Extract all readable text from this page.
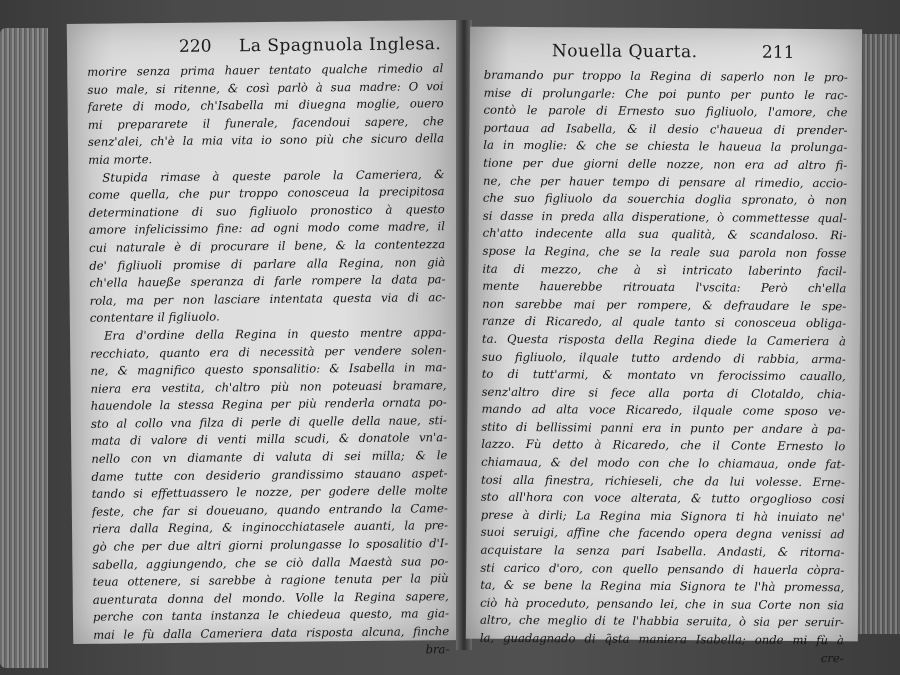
220 La Spagnuola Inglesa.
morire senza prima hauer tentato qualche rimedio al
suo male, si ritenne, & così parlò à sua madre: O voi
farete di modo, ch'Isabella mi diuegna moglie, ouero
mi prepararete il funerale, facendoui sapere, che
senz'alei, ch'è la mia vita io sono più che sicuro della
mia morte.
Stupida rimase à queste parole la Cameriera, &
come quella, che pur troppo conosceua la precipitosa
determinatione di suo figliuolo pronostico à questo
amore infelicissimo fine: ad ogni modo come madre, il
cui naturale è di procurare il bene, & la contentezza
de' figliuoli promise di parlare alla Regina, non già
ch'ella haueße speranza di farle rompere la data pa-
rola, ma per non lasciare intentata questa via di ac-
contentare il figliuolo.
Era d'ordine della Regina in questo mentre appa-
recchiato, quanto era di necessità per vendere solen-
ne, & magnifico questo sponsalitio: & Isabella in ma-
niera era vestita, ch'altro più non poteuasi bramare,
hauendole la stessa Regina per più renderla ornata po-
sto al collo vna filza di perle di quelle della naue, sti-
mata di valore di venti milla scudi, & donatole vn'a-
nello con vn diamante di valuta di sei milla; & le
dame tutte con desiderio grandissimo stauano aspet-
tando si effettuassero le nozze, per godere delle molte
feste, che far si doueuano, quando entrando la Came-
riera dalla Regina, & inginocchiatasele auanti, la pre-
gò che per due altri giorni prolungasse lo sposalitio d'I-
sabella, aggiungendo, che se ciò dalla Maestà sua po-
teua ottenere, si sarebbe à ragione tenuta per la più
auenturata donna del mondo. Volle la Regina sapere,
perche con tanta instanza le chiedeua questo, ma gia-
mai le fù dalla Cameriera data risposta alcuna, finche
bra-
Nouella Quarta.	211
bramando pur troppo la Regina di saperlo non le pro-
mise di prolungarle: Che poi punto per punto le rac-
contò le parole di Ernesto suo figliuolo, l'amore, che
portaua ad Isabella, & il desio c'haueua di prender-
la in moglie: & che se chiesta le haueua la prolunga-
tione per due giorni delle nozze, non era ad altro fi-
ne, che per hauer tempo di pensare al rimedio, accio-
che suo figliuolo da souerchia doglia spronato, ò non
si dasse in preda alla disperatione, ò commettesse qual-
ch'atto indecente alla sua qualità, & scandaloso. Ri-
spose la Regina, che se la reale sua parola non fosse
ita di mezzo, che à sì intricato laberinto facil-
mente hauerebbe ritrouata l'vscita: Però ch'ella
non sarebbe mai per rompere, & defraudare le spe-
ranze di Ricaredo, al quale tanto si conosceua obliga-
ta. Questa risposta della Regina diede la Cameriera à
suo figliuolo, ilquale tutto ardendo di rabbia, arma-
to di tutt'armi, & montato vn ferocissimo cauallo,
senz'altro dire si fece alla porta di Clotaldo, chia-
mando ad alta voce Ricaredo, ilquale come sposo ve-
stito di bellissimi panni era in punto per andare à pa-
lazzo. Fù detto à Ricaredo, che il Conte Ernesto lo
chiamaua, & del modo con che lo chiamaua, onde fat-
tosi alla finestra, richieseli, che da lui volesse. Erne-
sto all'hora con voce alterata, & tutto orgoglioso cosi
prese à dirli; La Regina mia Signora ti hà inuiato ne'
suoi seruigi, affine che facendo opera degna venissi ad
acquistare la senza pari Isabella. Andasti, & ritorna-
sti carico d'oro, con quello pensando di hauerla còpra-
ta, & se bene la Regina mia Signora te l'hà promessa,
ciò hà proceduto, pensando lei, che in sua Corte non sia
altro, che meglio di te l'habbia seruita, ò sia per seruir-
la, guadagnado di q̃sta maniera Isabella; onde mi fù à
cre-
